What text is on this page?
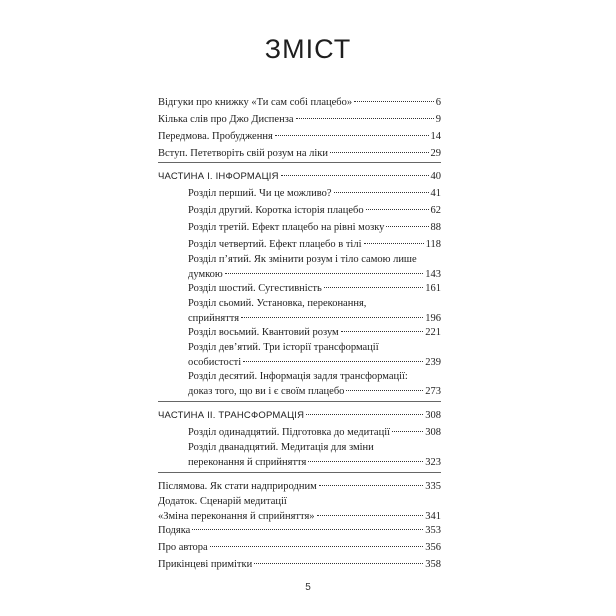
ЗМІСТ
Відгуки про книжку «Ти сам собі плацебо»	6
Кілька слів про Джо Диспенза	9
Передмова. Пробудження	14
Вступ. Пететворіть свій розум на ліки	29
ЧАСТИНА І. ІНФОРМАЦІЯ	40
Розділ перший. Чи це можливо?	41
Розділ другий. Коротка історія плацебо	62
Розділ третій. Ефект плацебо на рівні мозку	88
Розділ четвертий. Ефект плацебо в тілі	118
Розділ п’ятий. Як змінити розум і тіло самою лише
думкою	143
Розділ шостий. Сугестивність	161
Розділ сьомий. Установка, переконання,
сприйняття	196
Розділ восьмий. Квантовий розум	221
Розділ дев’ятий. Три історії трансформації
особистості	239
Розділ десятий. Інформація задля трансформації:
доказ того, що ви і є своїм плацебо	273
ЧАСТИНА ІІ. ТРАНСФОРМАЦІЯ	308
Розділ одинадцятий. Підготовка до медитації	308
Розділ дванадцятий. Медитація для зміни
переконання й сприйняття	323
Післямова. Як стати надприродним	335
Додаток. Сценарій медитації
«Зміна переконання й сприйняття»	341
Подяка	353
Про автора	356
Прикінцеві примітки	358
5
